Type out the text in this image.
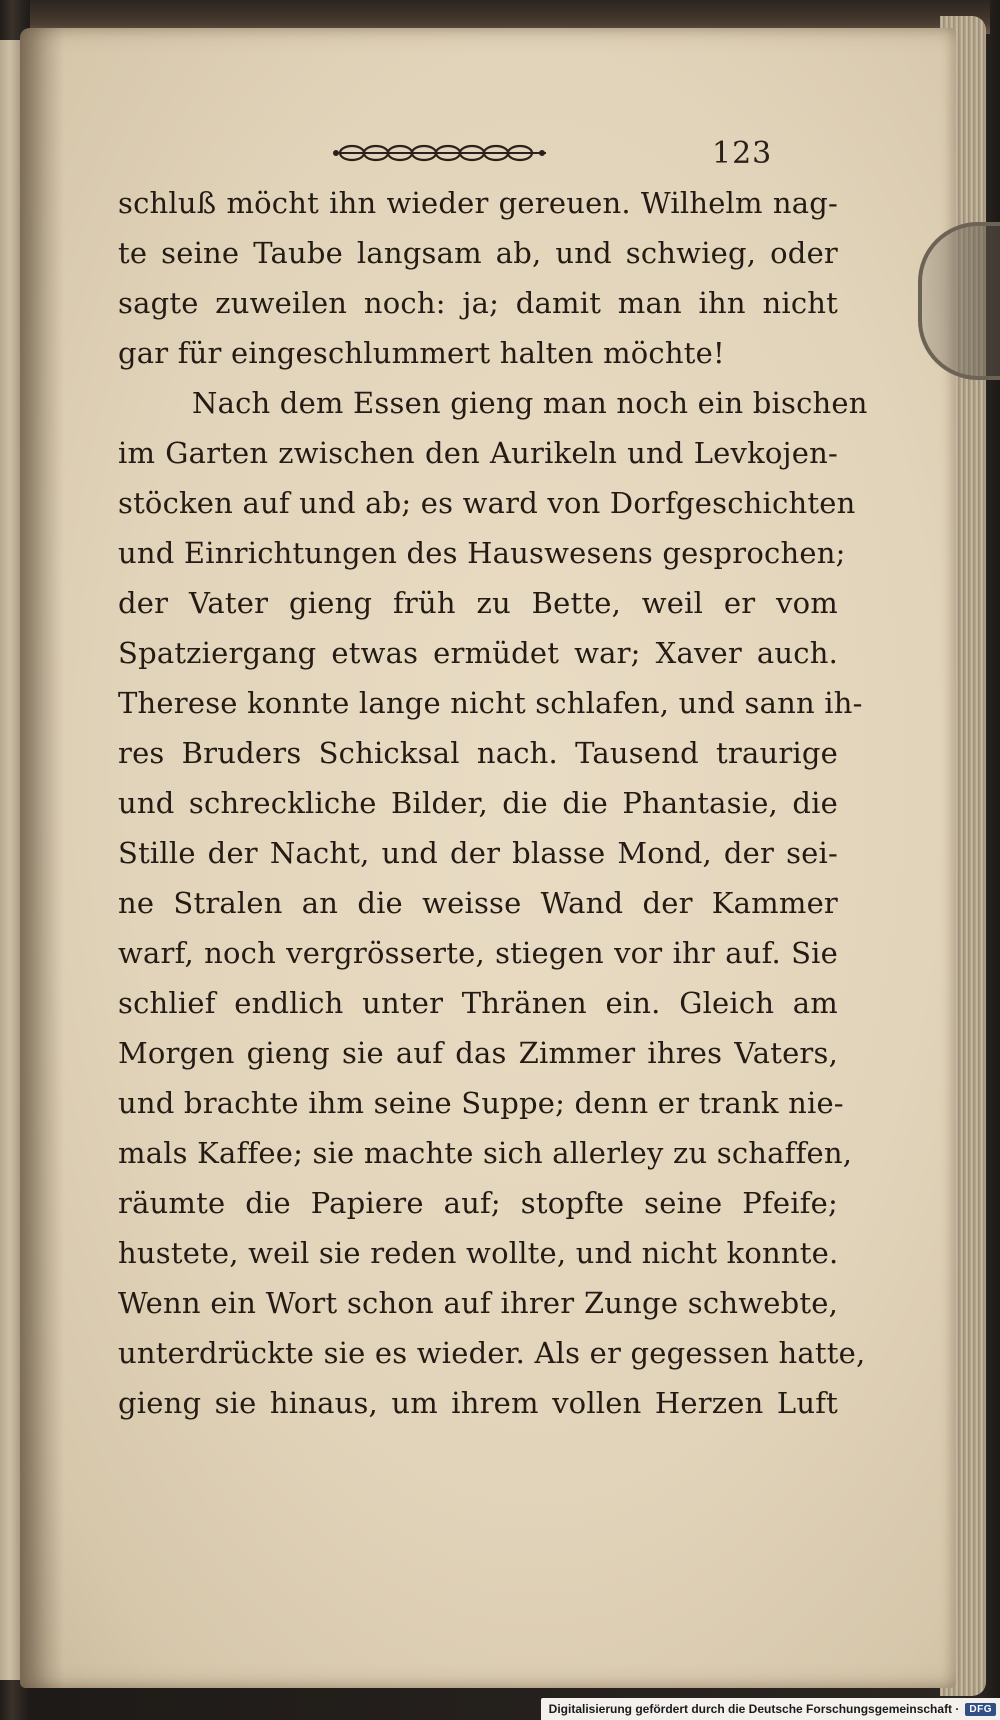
123
schluß möcht ihn wieder gereuen. Wilhelm nag-
te seine Taube langsam ab, und schwieg, oder
sagte zuweilen noch: ja; damit man ihn nicht
gar für eingeschlummert halten möchte!
Nach dem Essen gieng man noch ein bischen
im Garten zwischen den Aurikeln und Levkojen-
stöcken auf und ab; es ward von Dorfgeschichten
und Einrichtungen des Hauswesens gesprochen;
der Vater gieng früh zu Bette, weil er vom
Spatziergang etwas ermüdet war; Xaver auch.
Therese konnte lange nicht schlafen, und sann ih-
res Bruders Schicksal nach. Tausend traurige
und schreckliche Bilder, die die Phantasie, die
Stille der Nacht, und der blasse Mond, der sei-
ne Stralen an die weisse Wand der Kammer
warf, noch vergrösserte, stiegen vor ihr auf. Sie
schlief endlich unter Thränen ein. Gleich am
Morgen gieng sie auf das Zimmer ihres Vaters,
und brachte ihm seine Suppe; denn er trank nie-
mals Kaffee; sie machte sich allerley zu schaffen,
räumte die Papiere auf; stopfte seine Pfeife;
hustete, weil sie reden wollte, und nicht konnte.
Wenn ein Wort schon auf ihrer Zunge schwebte,
unterdrückte sie es wieder. Als er gegessen hatte,
gieng sie hinaus, um ihrem vollen Herzen Luft
Digitalisierung gefördert durch die Deutsche Forschungsgemeinschaft ·	DFG
